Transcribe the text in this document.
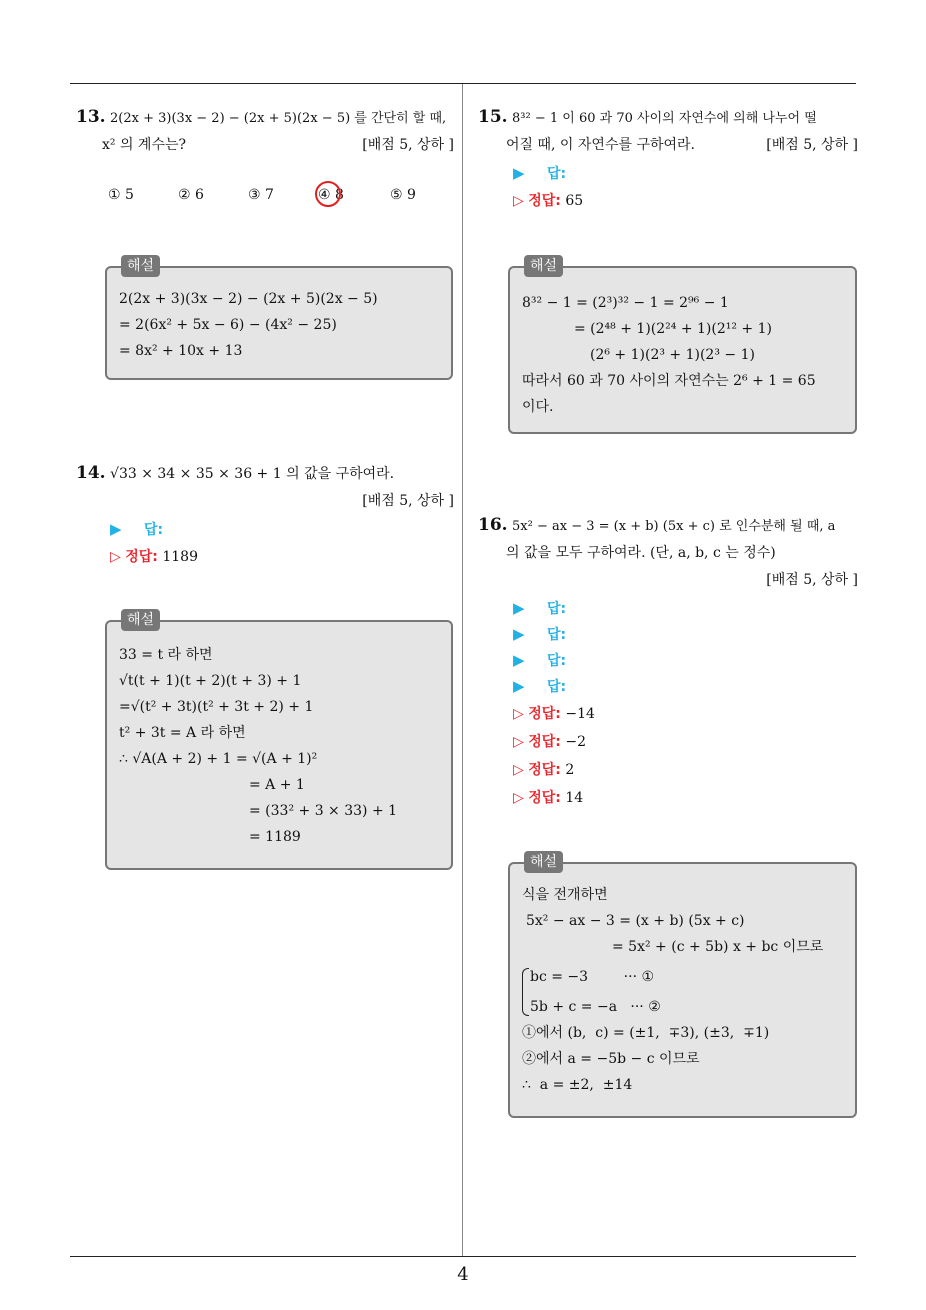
4
13. 2(2x + 3)(3x − 2) − (2x + 5)(2x − 5) 를 간단히 할 때,
x² 의 계수는?	[배점 5, 상하 ]
① 5	② 6	③ 7	④ 8	⑤ 9
해설
2(2x + 3)(3x − 2) − (2x + 5)(2x − 5)
= 2(6x² + 5x − 6) − (4x² − 25)
= 8x² + 10x + 13
14. √33 × 34 × 35 × 36 + 1 의 값을 구하여라.
[배점 5, 상하 ]
▶ 답:
▷ 정답: 1189
해설
33 = t 라 하면
√t(t + 1)(t + 2)(t + 3) + 1
=√(t² + 3t)(t² + 3t + 2) + 1
t² + 3t = A 라 하면
∴ √A(A + 2) + 1 = √(A + 1)²
= A + 1
= (33² + 3 × 33) + 1
= 1189
15. 8³² − 1 이 60 과 70 사이의 자연수에 의해 나누어 떨
어질 때, 이 자연수를 구하여라.	[배점 5, 상하 ]
▶ 답:
▷ 정답: 65
해설
8³² − 1 = (2³)³² − 1 = 2⁹⁶ − 1
= (2⁴⁸ + 1)(2²⁴ + 1)(2¹² + 1)
(2⁶ + 1)(2³ + 1)(2³ − 1)
따라서 60 과 70 사이의 자연수는 2⁶ + 1 = 65
이다.
16. 5x² − ax − 3 = (x + b) (5x + c) 로 인수분해 될 때, a
의 값을 모두 구하여라. (단, a, b, c 는 정수)
[배점 5, 상하 ]
▶ 답:
▶ 답:
▶ 답:
▶ 답:
▷ 정답: −14
▷ 정답: −2
▷ 정답: 2
▷ 정답: 14
해설
식을 전개하면
5x² − ax − 3 = (x + b) (5x + c)
= 5x² + (c + 5b) x + bc 이므로
bc = −3        ··· ①
5b + c = −a   ··· ②
①에서 (b,  c) = (±1,  ∓3), (±3,  ∓1)
②에서 a = −5b − c 이므로
∴  a = ±2,  ±14
